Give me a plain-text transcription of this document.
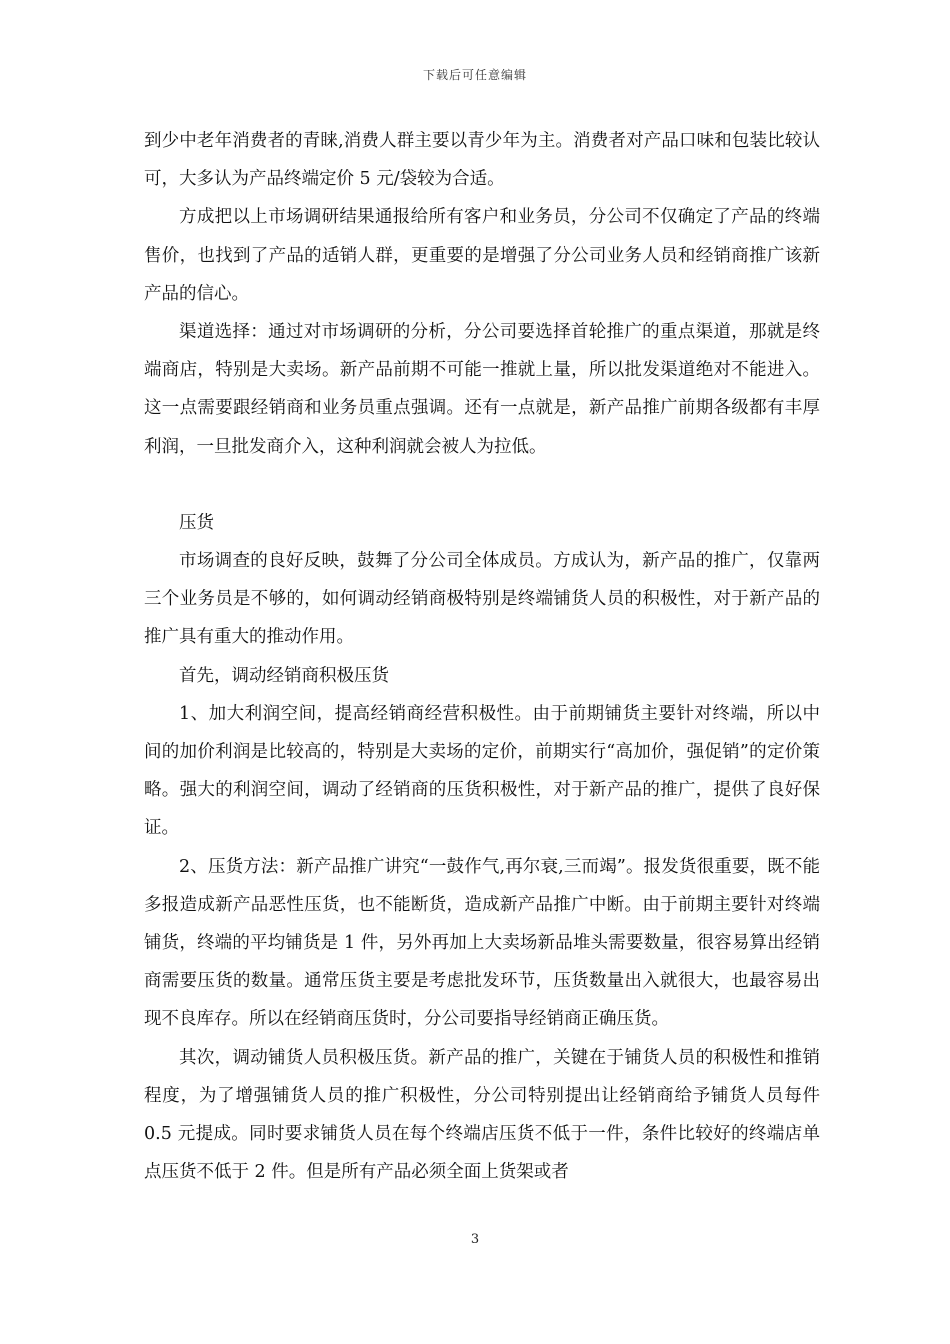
下载后可任意编辑

到少中老年消费者的青睐,消费人群主要以青少年为主。消费者对产品口味和包装比较认可，大多认为产品终端定价 5 元/袋较为合适。

方成把以上市场调研结果通报给所有客户和业务员，分公司不仅确定了产品的终端售价，也找到了产品的适销人群，更重要的是增强了分公司业务人员和经销商推广该新产品的信心。

渠道选择：通过对市场调研的分析，分公司要选择首轮推广的重点渠道，那就是终端商店，特别是大卖场。新产品前期不可能一推就上量，所以批发渠道绝对不能进入。这一点需要跟经销商和业务员重点强调。还有一点就是，新产品推广前期各级都有丰厚利润，一旦批发商介入，这种利润就会被人为拉低。

压货

市场调查的良好反映，鼓舞了分公司全体成员。方成认为，新产品的推广，仅靠两三个业务员是不够的，如何调动经销商极特别是终端铺货人员的积极性，对于新产品的推广具有重大的推动作用。

首先，调动经销商积极压货

1、加大利润空间，提高经销商经营积极性。由于前期铺货主要针对终端，所以中间的加价利润是比较高的，特别是大卖场的定价，前期实行“高加价，强促销”的定价策略。强大的利润空间，调动了经销商的压货积极性，对于新产品的推广，提供了良好保证。

2、压货方法：新产品推广讲究“一鼓作气,再尔衰,三而竭”。报发货很重要，既不能多报造成新产品恶性压货，也不能断货，造成新产品推广中断。由于前期主要针对终端铺货，终端的平均铺货是 1 件，另外再加上大卖场新品堆头需要数量，很容易算出经销商需要压货的数量。通常压货主要是考虑批发环节，压货数量出入就很大，也最容易出现不良库存。所以在经销商压货时，分公司要指导经销商正确压货。

其次，调动铺货人员积极压货。新产品的推广，关键在于铺货人员的积极性和推销程度，为了增强铺货人员的推广积极性，分公司特别提出让经销商给予铺货人员每件 0.5 元提成。同时要求铺货人员在每个终端店压货不低于一件，条件比较好的终端店单点压货不低于 2 件。但是所有产品必须全面上货架或者

3
